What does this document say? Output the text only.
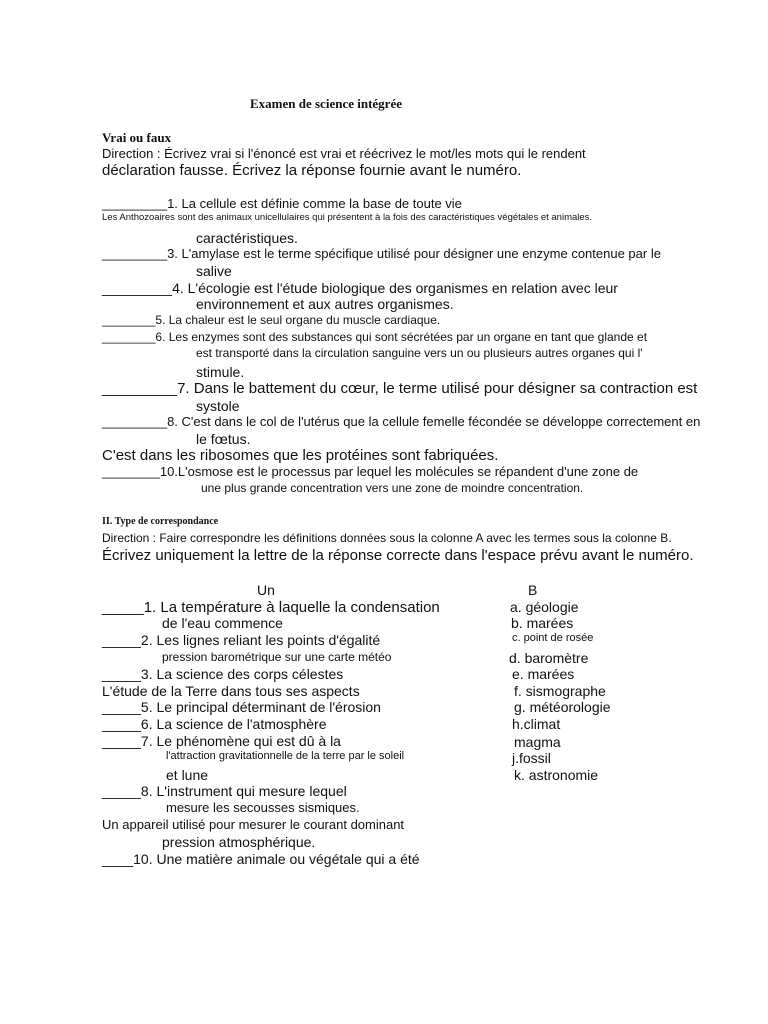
Examen de science intégrée
Vrai ou faux
Direction : Écrivez vrai si l'énoncé est vrai et réécrivez le mot/les mots qui le rendent
déclaration fausse. Écrivez la réponse fournie avant le numéro.
_________1. La cellule est définie comme la base de toute vie
Les Anthozoaires sont des animaux unicellulaires qui présentent à la fois des caractéristiques végétales et animales.
caractéristiques.
_________3. L'amylase est le terme spécifique utilisé pour désigner une enzyme contenue par le
salive
_________4. L'écologie est l'étude biologique des organismes en relation avec leur
environnement et aux autres organismes.
________5. La chaleur est le seul organe du muscle cardiaque.
________6. Les enzymes sont des substances qui sont sécrétées par un organe en tant que glande et
est transporté dans la circulation sanguine vers un ou plusieurs autres organes qui l'
stimule.
_________7. Dans le battement du cœur, le terme utilisé pour désigner sa contraction est
systole
_________8. C'est dans le col de l'utérus que la cellule femelle fécondée se développe correctement en
le fœtus.
C'est dans les ribosomes que les protéines sont fabriquées.
________10.L'osmose est le processus par lequel les molécules se répandent d'une zone de
une plus grande concentration vers une zone de moindre concentration.
II. Type de correspondance
Direction : Faire correspondre les définitions données sous la colonne A avec les termes sous la colonne B.
Écrivez uniquement la lettre de la réponse correcte dans l'espace prévu avant le numéro.
Un	B
_____1. La température à laquelle la condensation
de l'eau commence
_____2. Les lignes reliant les points d'égalité
pression barométrique sur une carte météo
_____3. La science des corps célestes
L'étude de la Terre dans tous ses aspects
_____5. Le principal déterminant de l'érosion
_____6. La science de l'atmosphère
_____7. Le phénomène qui est dû à la
l'attraction gravitationnelle de la terre par le soleil
et lune
_____8. L'instrument qui mesure lequel
mesure les secousses sismiques.
Un appareil utilisé pour mesurer le courant dominant
pression atmosphérique.
____10. Une matière animale ou végétale qui a été
a. géologie
b. marées
c. point de rosée
d. baromètre
e. marées
f. sismographe
g. météorologie
h.climat
magma
j.fossil
k. astronomie
